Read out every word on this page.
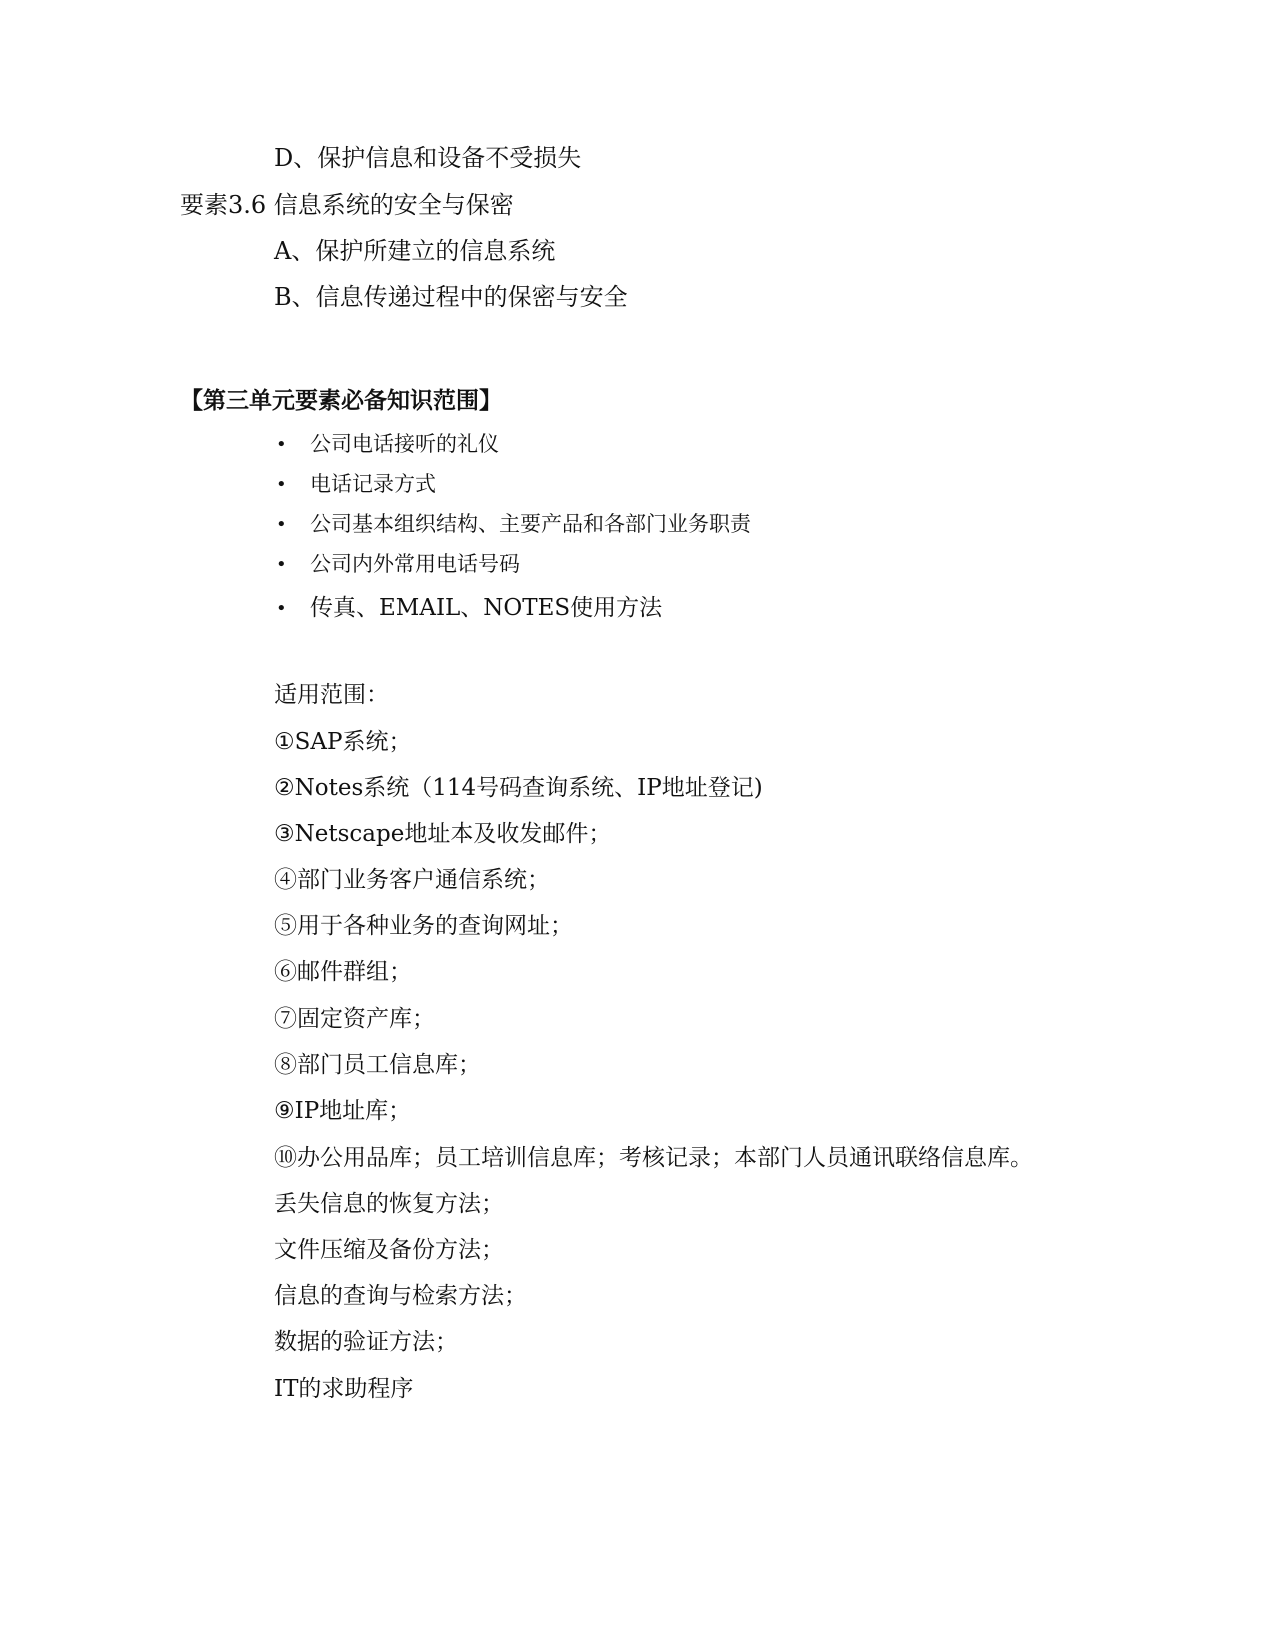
D、保护信息和设备不受损失

要素3.6 信息系统的安全与保密

A、保护所建立的信息系统

B、信息传递过程中的保密与安全

【第三单元要素必备知识范围】

•

公司电话接听的礼仪

•

电话记录方式

•

公司基本组织结构、主要产品和各部门业务职责

•

公司内外常用电话号码

•

传真、EMAIL、NOTES使用方法

适用范围：

①SAP系统；

②Notes系统（114号码查询系统、IP地址登记)

③Netscape地址本及收发邮件；

④部门业务客户通信系统；

⑤用于各种业务的查询网址；

⑥邮件群组；

⑦固定资产库；

⑧部门员工信息库；

⑨IP地址库；

⑩办公用品库；员工培训信息库；考核记录；本部门人员通讯联络信息库。

丢失信息的恢复方法；

文件压缩及备份方法；

信息的查询与检索方法；

数据的验证方法；

IT的求助程序
